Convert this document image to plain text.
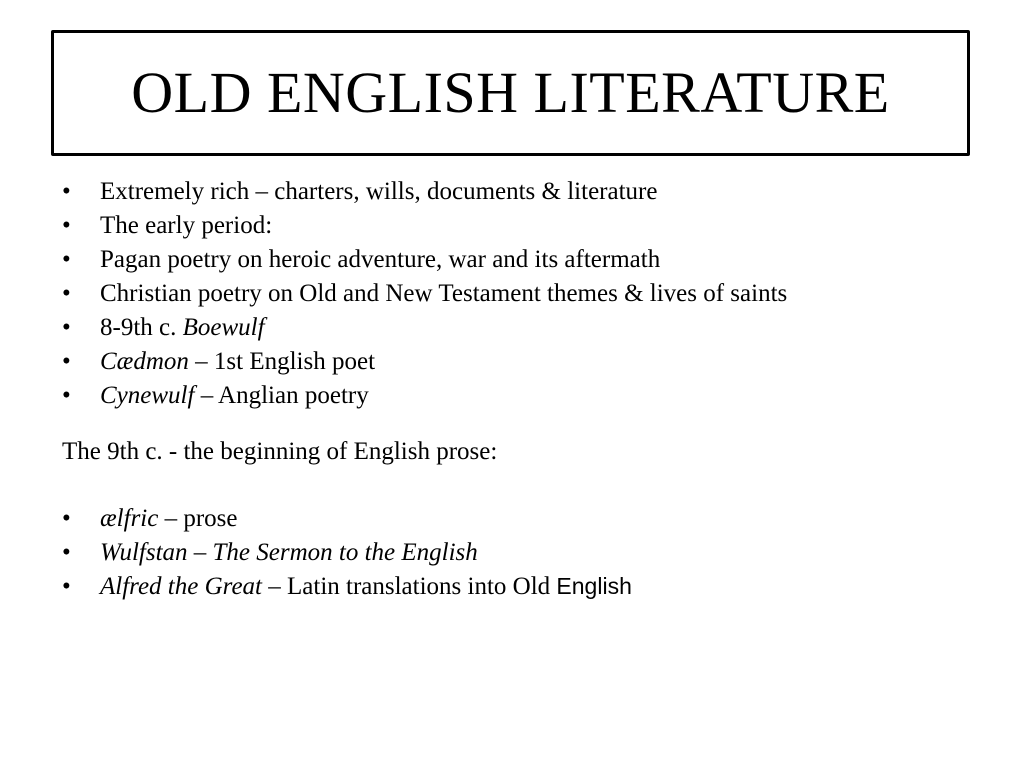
OLD ENGLISH LITERATURE
•	Extremely rich – charters, wills, documents & literature
•	The early period:
•	Pagan poetry on heroic adventure, war and its aftermath
•	Christian poetry on Old and New Testament themes & lives of saints
•	8-9th c. Boewulf
•	Cædmon – 1st English poet
•	Cynewulf – Anglian poetry

The 9th c. - the beginning of English prose:

•	ælfric – prose
•	Wulfstan – The Sermon to the English
•	Alfred the Great – Latin translations into Old English
